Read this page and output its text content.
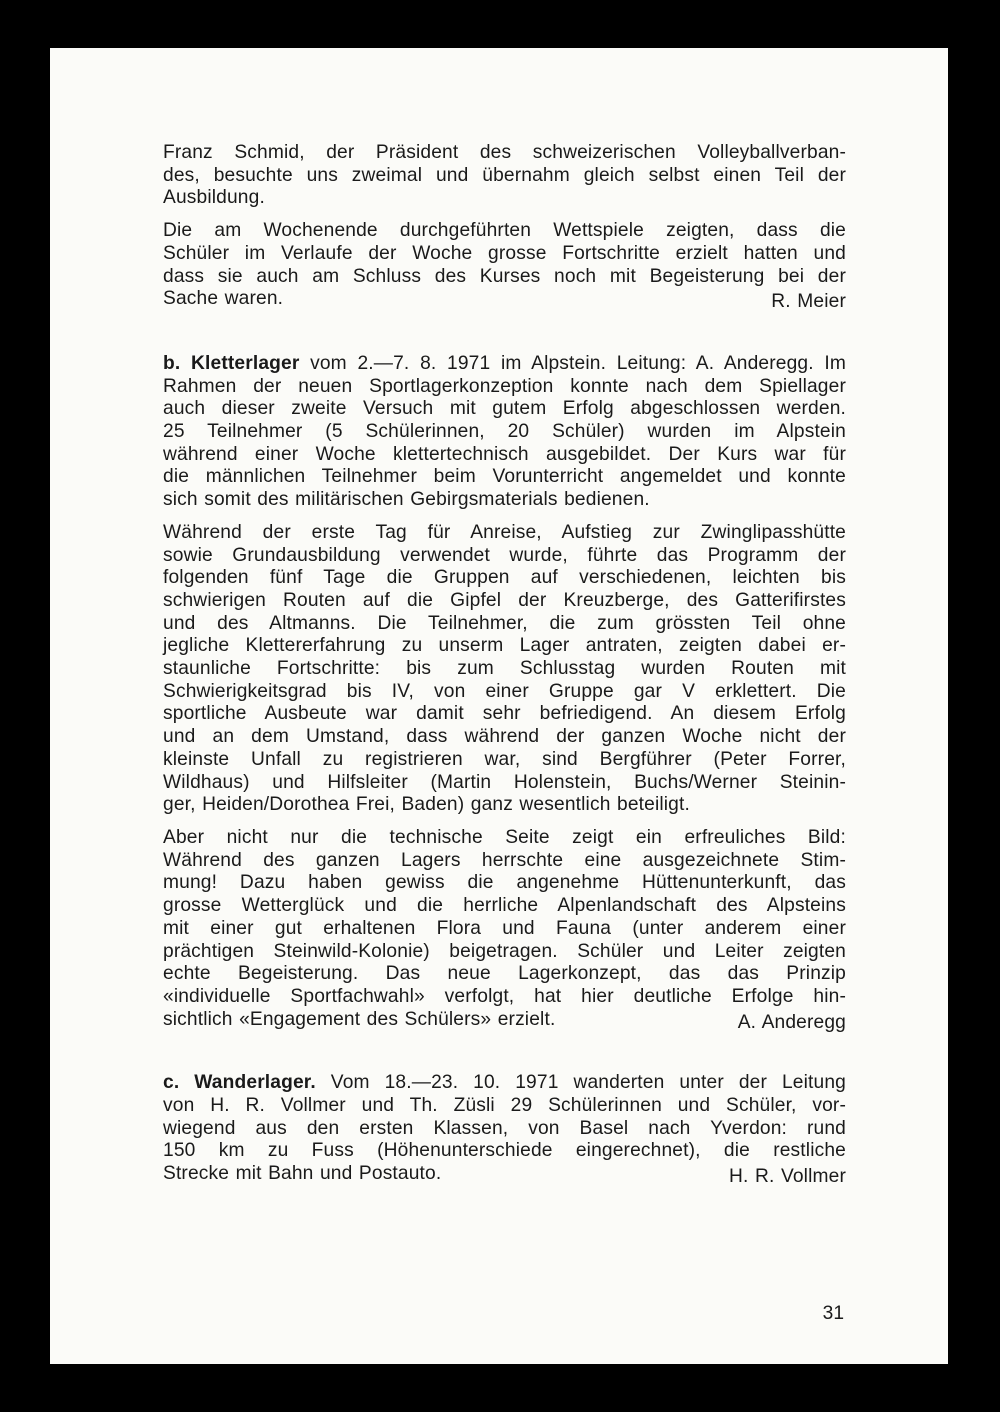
Franz Schmid, der Präsident des schweizerischen Volleyballverban-
des, besuchte uns zweimal und übernahm gleich selbst einen Teil der
Ausbildung.

Die am Wochenende durchgeführten Wettspiele zeigten, dass die
Schüler im Verlaufe der Woche grosse Fortschritte erzielt hatten und
dass sie auch am Schluss des Kurses noch mit Begeisterung bei der
Sache waren.	R. Meier

b. Kletterlager vom 2.—7. 8. 1971 im Alpstein. Leitung: A. Anderegg. Im
Rahmen der neuen Sportlagerkonzeption konnte nach dem Spiellager
auch dieser zweite Versuch mit gutem Erfolg abgeschlossen werden.
25 Teilnehmer (5 Schülerinnen, 20 Schüler) wurden im Alpstein
während einer Woche klettertechnisch ausgebildet. Der Kurs war für
die männlichen Teilnehmer beim Vorunterricht angemeldet und konnte
sich somit des militärischen Gebirgsmaterials bedienen.

Während der erste Tag für Anreise, Aufstieg zur Zwinglipasshütte
sowie Grundausbildung verwendet wurde, führte das Programm der
folgenden fünf Tage die Gruppen auf verschiedenen, leichten bis
schwierigen Routen auf die Gipfel der Kreuzberge, des Gatterifirstes
und des Altmanns. Die Teilnehmer, die zum grössten Teil ohne
jegliche Klettererfahrung zu unserm Lager antraten, zeigten dabei er-
staunliche Fortschritte: bis zum Schlusstag wurden Routen mit
Schwierigkeitsgrad bis IV, von einer Gruppe gar V erklettert. Die
sportliche Ausbeute war damit sehr befriedigend. An diesem Erfolg
und an dem Umstand, dass während der ganzen Woche nicht der
kleinste Unfall zu registrieren war, sind Bergführer (Peter Forrer,
Wildhaus) und Hilfsleiter (Martin Holenstein, Buchs/Werner Steinin-
ger, Heiden/Dorothea Frei, Baden) ganz wesentlich beteiligt.

Aber nicht nur die technische Seite zeigt ein erfreuliches Bild:
Während des ganzen Lagers herrschte eine ausgezeichnete Stim-
mung! Dazu haben gewiss die angenehme Hüttenunterkunft, das
grosse Wetterglück und die herrliche Alpenlandschaft des Alpsteins
mit einer gut erhaltenen Flora und Fauna (unter anderem einer
prächtigen Steinwild-Kolonie) beigetragen. Schüler und Leiter zeigten
echte Begeisterung. Das neue Lagerkonzept, das das Prinzip
«individuelle Sportfachwahl» verfolgt, hat hier deutliche Erfolge hin-
sichtlich «Engagement des Schülers» erzielt.	A. Anderegg

c. Wanderlager. Vom 18.—23. 10. 1971 wanderten unter der Leitung
von H. R. Vollmer und Th. Züsli 29 Schülerinnen und Schüler, vor-
wiegend aus den ersten Klassen, von Basel nach Yverdon: rund
150 km zu Fuss (Höhenunterschiede eingerechnet), die restliche
Strecke mit Bahn und Postauto.	H. R. Vollmer

31
